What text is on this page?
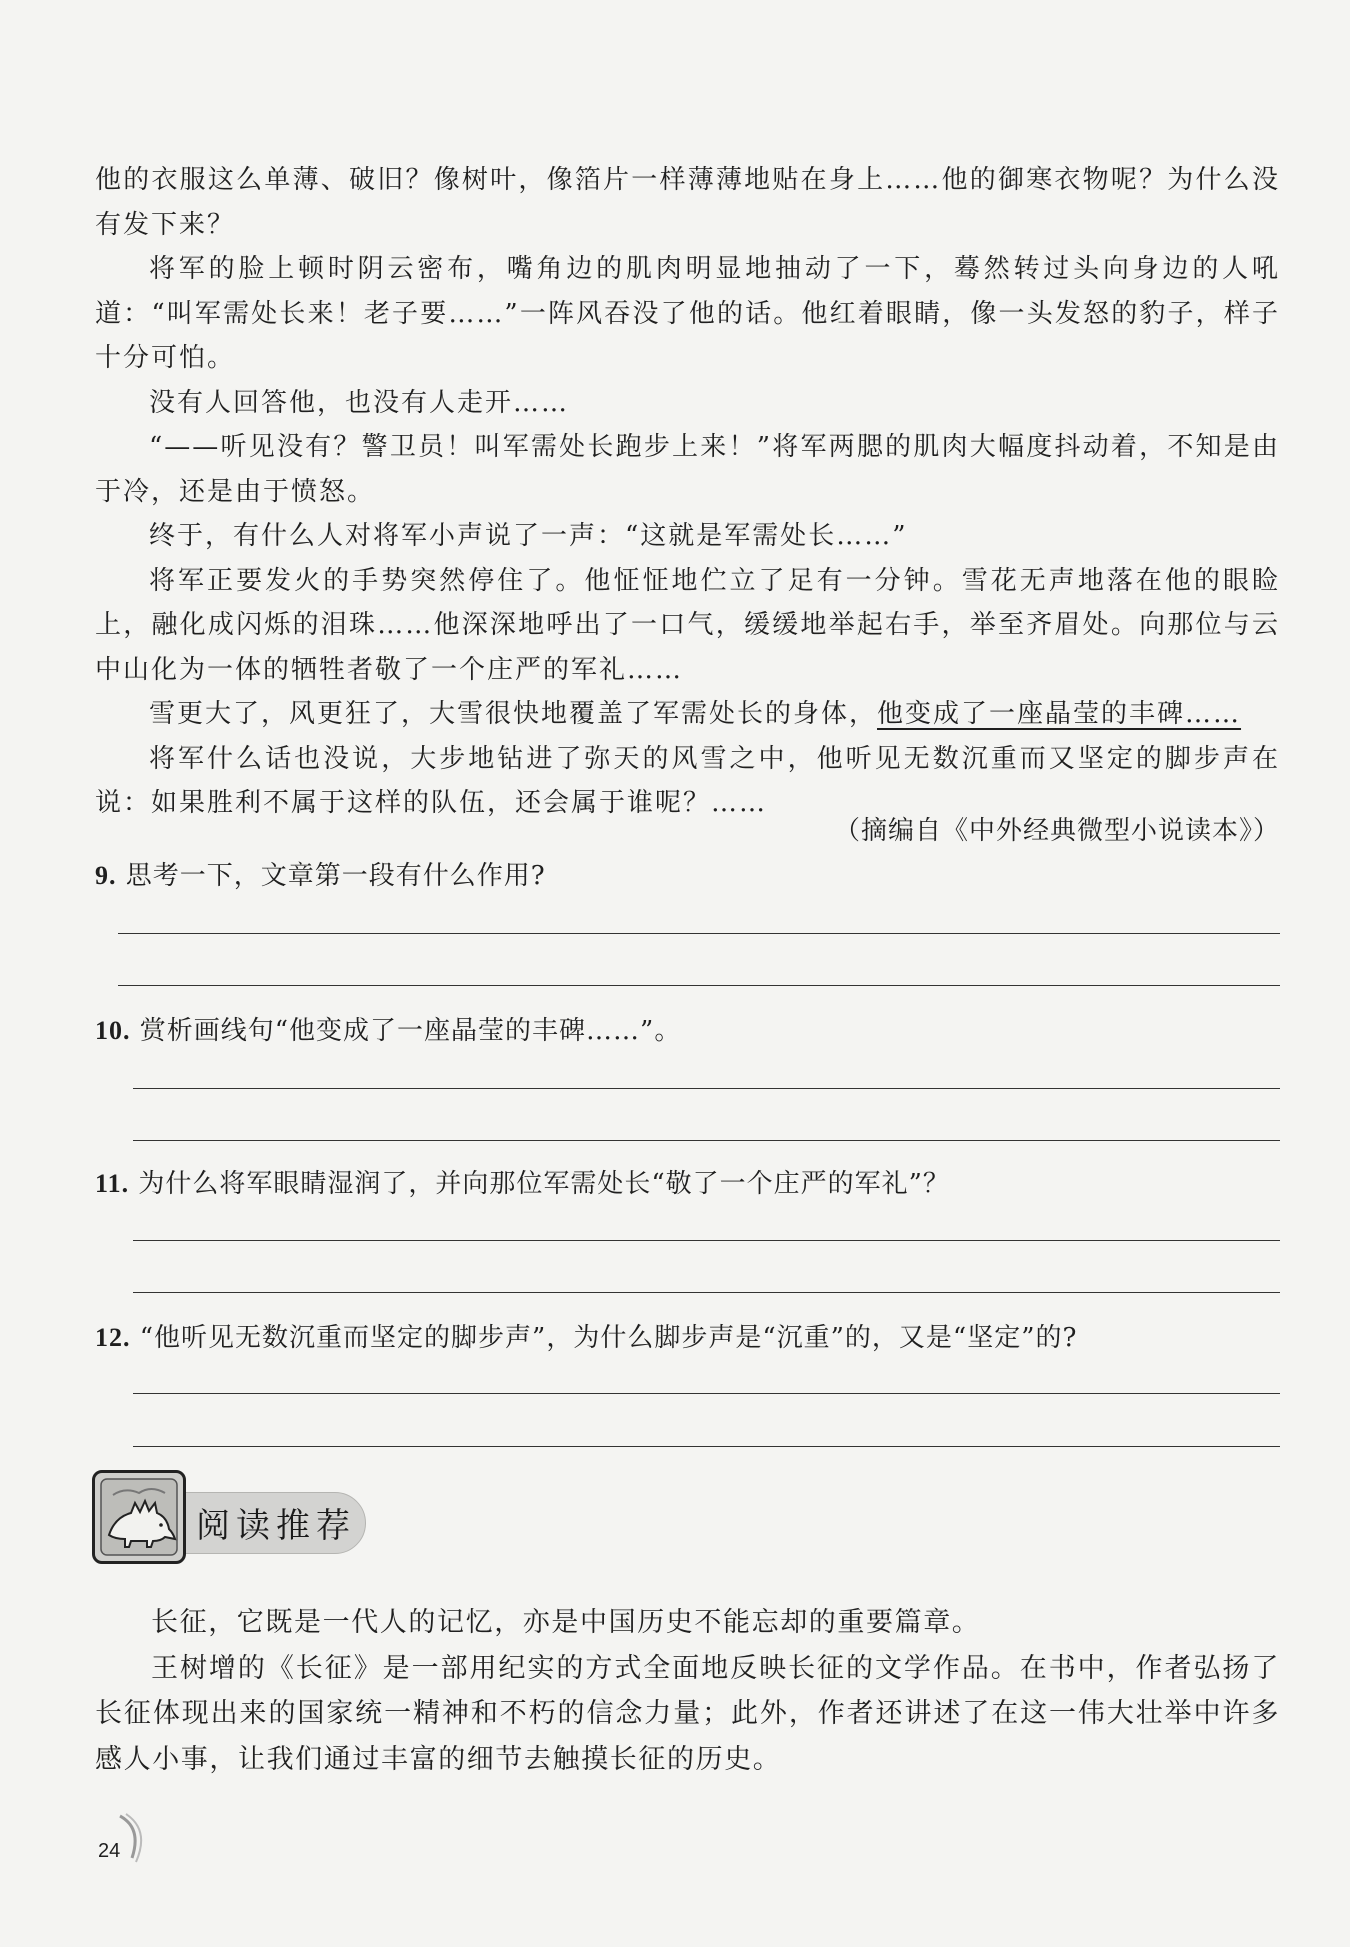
他的衣服这么单薄、破旧？像树叶，像箔片一样薄薄地贴在身上……他的御寒衣物呢？为什么没有发下来？

将军的脸上顿时阴云密布，嘴角边的肌肉明显地抽动了一下，蓦然转过头向身边的人吼道：“叫军需处长来！老子要……”一阵风吞没了他的话。他红着眼睛，像一头发怒的豹子，样子十分可怕。

没有人回答他，也没有人走开……

“——听见没有？警卫员！叫军需处长跑步上来！”将军两腮的肌肉大幅度抖动着，不知是由于冷，还是由于愤怒。

终于，有什么人对将军小声说了一声：“这就是军需处长……”

将军正要发火的手势突然停住了。他怔怔地伫立了足有一分钟。雪花无声地落在他的眼睑上，融化成闪烁的泪珠……他深深地呼出了一口气，缓缓地举起右手，举至齐眉处。向那位与云中山化为一体的牺牲者敬了一个庄严的军礼……

雪更大了，风更狂了，大雪很快地覆盖了军需处长的身体，他变成了一座晶莹的丰碑……

将军什么话也没说，大步地钻进了弥天的风雪之中，他听见无数沉重而又坚定的脚步声在说：如果胜利不属于这样的队伍，还会属于谁呢？……

（摘编自《中外经典微型小说读本》）
9. 思考一下，文章第一段有什么作用?
10. 赏析画线句“他变成了一座晶莹的丰碑……”。
11. 为什么将军眼睛湿润了，并向那位军需处长“敬了一个庄严的军礼”？
12. “他听见无数沉重而坚定的脚步声”，为什么脚步声是“沉重”的，又是“坚定”的?
阅读推荐

长征，它既是一代人的记忆，亦是中国历史不能忘却的重要篇章。

王树增的《长征》是一部用纪实的方式全面地反映长征的文学作品。在书中，作者弘扬了长征体现出来的国家统一精神和不朽的信念力量；此外，作者还讲述了在这一伟大壮举中许多感人小事，让我们通过丰富的细节去触摸长征的历史。

24
